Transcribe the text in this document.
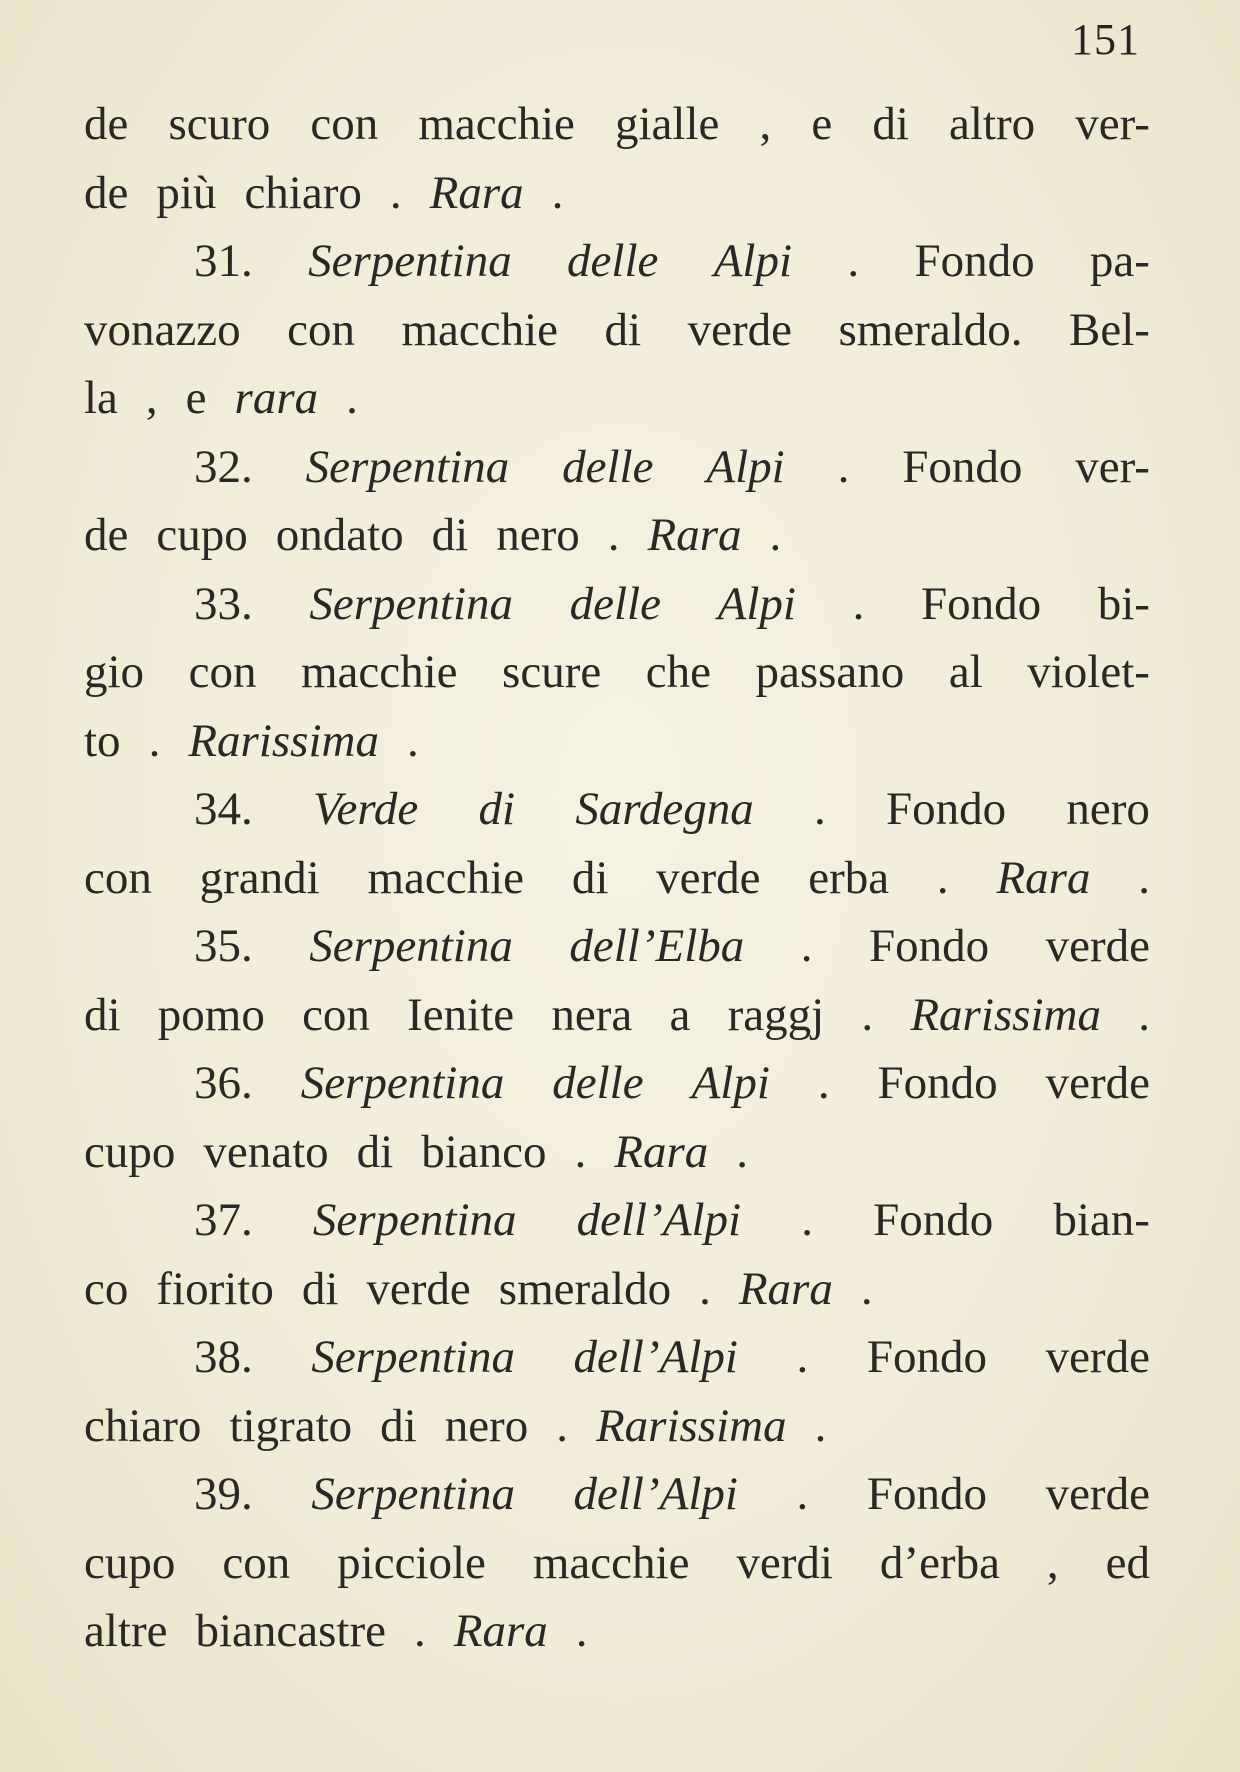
151
de scuro con macchie gialle , e di altro ver-
de più chiaro . Rara .
31. Serpentina delle Alpi . Fondo pa-
vonazzo con macchie di verde smeraldo. Bel-
la , e rara .
32. Serpentina delle Alpi . Fondo ver-
de cupo ondato di nero . Rara .
33. Serpentina delle Alpi . Fondo bi-
gio con macchie scure che passano al violet-
to . Rarissima .
34. Verde di Sardegna . Fondo nero
con grandi macchie di verde erba . Rara .
35. Serpentina dell’Elba . Fondo verde
di pomo con Ienite nera a raggj . Rarissima .
36. Serpentina delle Alpi . Fondo verde
cupo venato di bianco . Rara .
37. Serpentina dell’Alpi . Fondo bian-
co fiorito di verde smeraldo . Rara .
38. Serpentina dell’Alpi . Fondo verde
chiaro tigrato di nero . Rarissima .
39. Serpentina dell’Alpi . Fondo verde
cupo con picciole macchie verdi d’erba , ed
altre biancastre . Rara .
